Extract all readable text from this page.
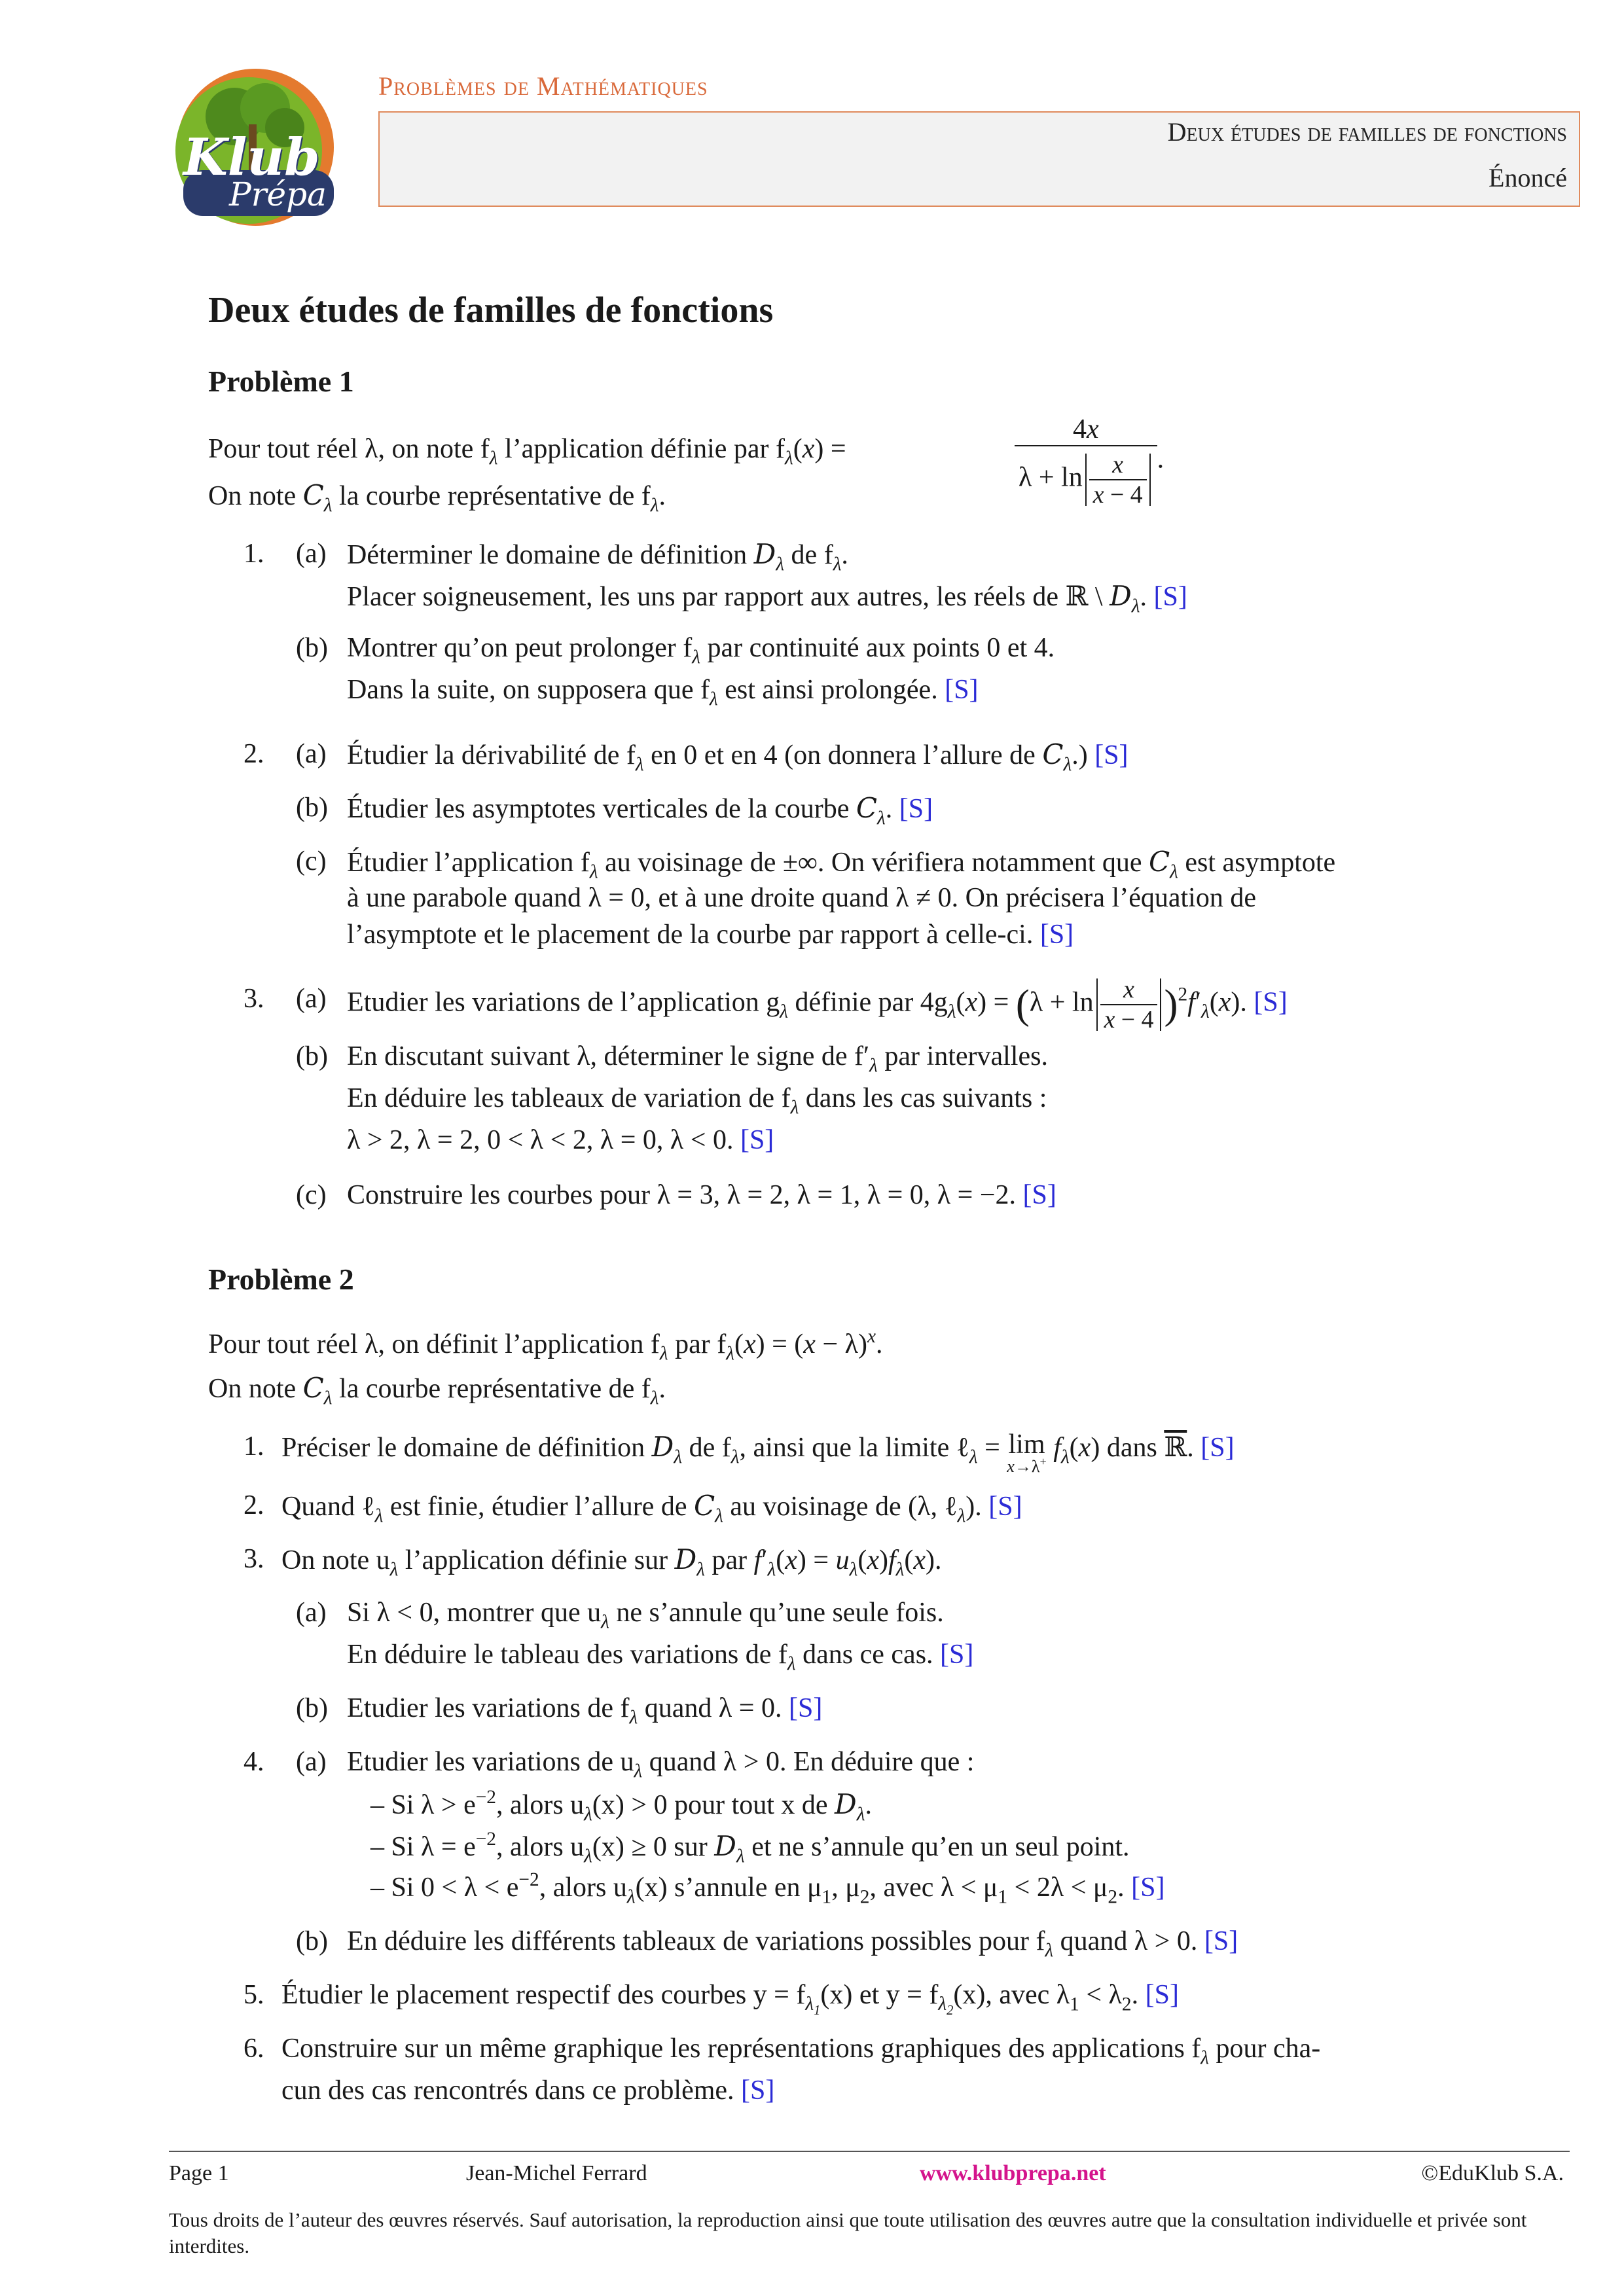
Klub
Prépa
Problèmes de Mathématiques
Deux études de familles de fonctions
Énoncé
Deux études de familles de fonctions
Problème 1
Pour tout réel λ, on note $f_\lambda$ l’application définie par $f_\lambda(x)$ =	$\frac{4x}{\lambda + \ln \frac{x}{x - 4}}$ .
On note $C_\lambda$ la courbe représentative de $f_\lambda$.
1. (a) Déterminer le domaine de définition $D_\lambda$ de $f_\lambda$.
Placer soigneusement, les uns par rapport aux autres, les réels de ℝ \ $D_\lambda$. [S]
(b) Montrer qu’on peut prolonger $f_\lambda$ par continuité aux points 0 et 4.
Dans la suite, on supposera que $f_\lambda$ est ainsi prolongée. [S]
2. (a) Étudier la dérivabilité de $f_\lambda$ en 0 et en 4 (on donnera l’allure de $C_\lambda$.) [S]
(b) Étudier les asymptotes verticales de la courbe $C_\lambda$. [S]
(c) Étudier l’application $f_\lambda$ au voisinage de ±∞. On vérifiera notamment que $C_\lambda$ est asymptote
à une parabole quand λ = 0, et à une droite quand λ ≠ 0. On précisera l’équation de
l’asymptote et le placement de la courbe par rapport à celle-ci. [S]
3. (a) Etudier les variations de l’application $g_\lambda$ définie par $4g_\lambda(x) = (\lambda + \ln \frac{x}{x - 4} )^2f'_\lambda(x)$. [S]
(b) En discutant suivant λ, déterminer le signe de $f'_\lambda$ par intervalles.
En déduire les tableaux de variation de $f_\lambda$ dans les cas suivants :
λ > 2, λ = 2, 0 < λ < 2, λ = 0, λ < 0. [S]
(c) Construire les courbes pour λ = 3, λ = 2, λ = 1, λ = 0, λ = −2. [S]
Problème 2
Pour tout réel λ, on définit l’application $f_\lambda$ par $f_\lambda(x) = (x - \lambda)^x$.
On note $C_\lambda$ la courbe représentative de $f_\lambda$.
1. Préciser le domaine de définition $D_\lambda$ de $f_\lambda$, ainsi que la limite ℓ$_\lambda$ = lim
x→λ+ $f_\lambda(x)$ dans ℝ. [S]
2. Quand ℓ$_\lambda$ est finie, étudier l’allure de $C_\lambda$ au voisinage de (λ, ℓ$_\lambda$). [S]
3. On note $u_\lambda$ l’application définie sur $D_\lambda$ par $f'_\lambda(x) = u_\lambda(x)f_\lambda(x)$.
(a) Si λ < 0, montrer que $u_\lambda$ ne s’annule qu’une seule fois.
En déduire le tableau des variations de $f_\lambda$ dans ce cas. [S]
(b) Etudier les variations de $f_\lambda$ quand λ = 0. [S]
4. (a) Etudier les variations de $u_\lambda$ quand λ > 0. En déduire que :
– Si $\lambda > e^{-2}$, alors $u_\lambda(x) > 0$ pour tout x de $D_\lambda$.
– Si $\lambda = e^{-2}$, alors $u_\lambda(x) \ge 0$ sur $D_\lambda$ et ne s’annule qu’en un seul point.
– Si $0 < \lambda < e^{-2}$, alors $u_\lambda(x)$ s’annule en $\mu_1$, $\mu_2$, avec $\lambda < \mu_1 < 2\lambda < \mu_2$. [S]
(b) En déduire les différents tableaux de variations possibles pour $f_\lambda$ quand λ > 0. [S]
5. Étudier le placement respectif des courbes $y = f_{\lambda_1}(x)$ et $y = f_{\lambda_2}(x)$, avec $\lambda_1 < \lambda_2$. [S]
6. Construire sur un même graphique les représentations graphiques des applications $f_\lambda$ pour cha-
cun des cas rencontrés dans ce problème. [S]
Page 1	Jean-Michel Ferrard	www.klubprepa.net	©EduKlub S.A.
Tous droits de l’auteur des œuvres réservés. Sauf autorisation, la reproduction ainsi que toute utilisation des œuvres autre que la consultation individuelle et privée sont interdites.
